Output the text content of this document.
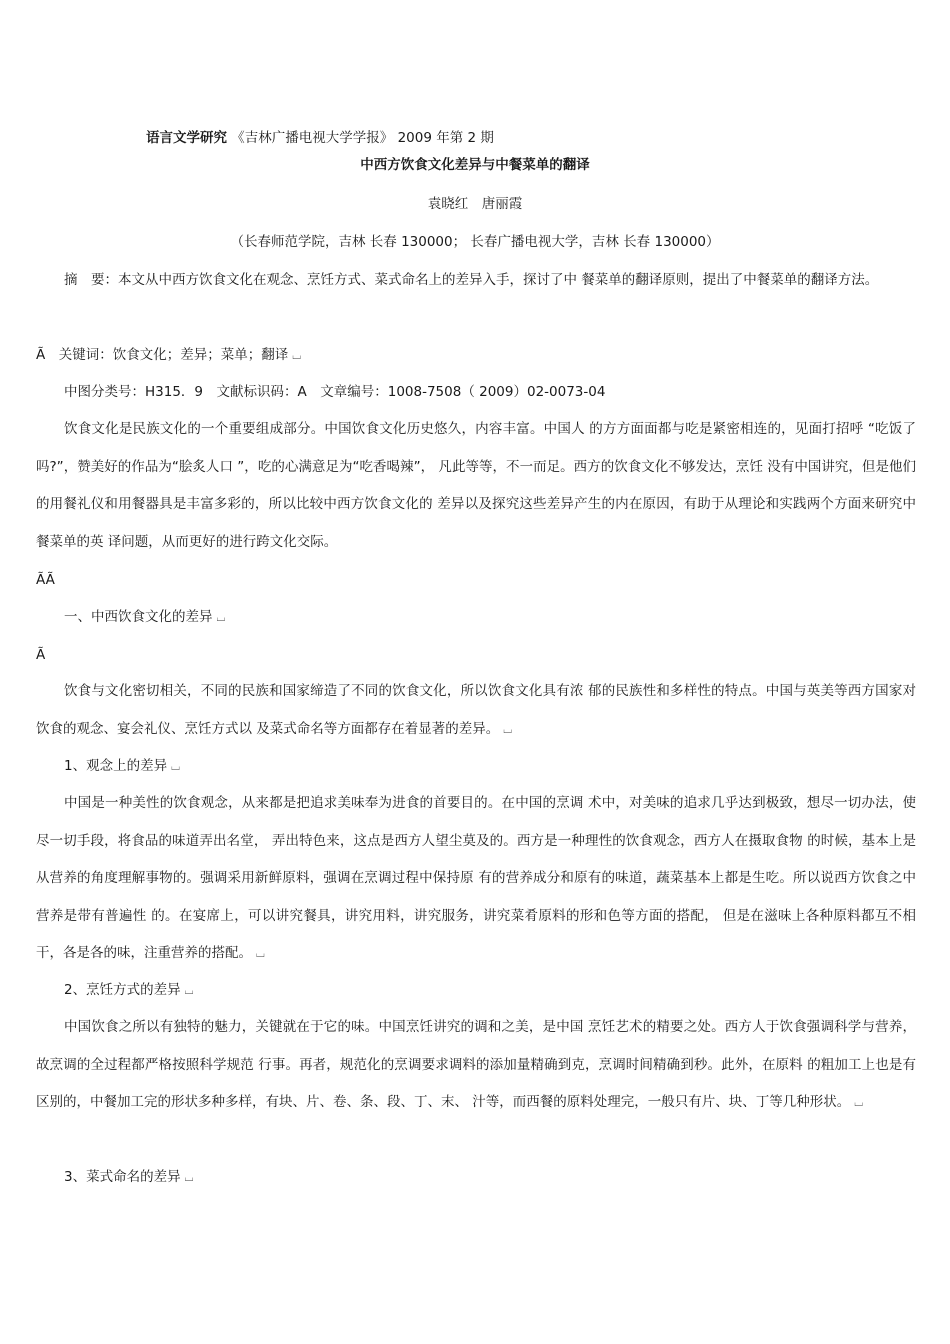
语言文学研究 《吉林广播电视大学学报》 2009 年第 2 期
中西方饮食文化差异与中餐菜单的翻译
袁晓红　唐丽霞
（长春师范学院，吉林 长春 130000； 长春广播电视大学，吉林 长春 130000）
摘　要：本文从中西方饮食文化在观念、烹饪方式、菜式命名上的差异入手，探讨了中 餐菜单的翻译原则，提出了中餐菜单的翻译方法。
Ã　关键词：饮食文化；差异；菜单；翻译 ⌴
中图分类号：H315．9　文献标识码：A　文章编号：1008-7508（ 2009）02-0073-04
饮食文化是民族文化的一个重要组成部分。中国饮食文化历史悠久，内容丰富。中国人 的方方面面都与吃是紧密相连的，见面打招呼 “吃饭了吗?”，赞美好的作品为“脍炙人口 ”，吃的心满意足为“吃香喝辣”， 凡此等等，不一而足。西方的饮食文化不够发达，烹饪 没有中国讲究，但是他们的用餐礼仪和用餐器具是丰富多彩的，所以比较中西方饮食文化的 差异以及探究这些差异产生的内在原因，有助于从理论和实践两个方面来研究中餐菜单的英 译问题，从而更好的进行跨文化交际。
ÃÃ
一、中西饮食文化的差异 ⌴
Ã
饮食与文化密切相关，不同的民族和国家缔造了不同的饮食文化，所以饮食文化具有浓 郁的民族性和多样性的特点。中国与英美等西方国家对饮食的观念、宴会礼仪、烹饪方式以 及菜式命名等方面都存在着显著的差异。 ⌴
1、观念上的差异 ⌴
中国是一种美性的饮食观念，从来都是把追求美味奉为进食的首要目的。在中国的烹调 术中，对美味的追求几乎达到极致，想尽一切办法，使尽一切手段，将食品的味道弄出名堂， 弄出特色来，这点是西方人望尘莫及的。西方是一种理性的饮食观念，西方人在摄取食物 的时候，基本上是从营养的角度理解事物的。强调采用新鲜原料，强调在烹调过程中保持原 有的营养成分和原有的味道，蔬菜基本上都是生吃。所以说西方饮食之中营养是带有普遍性 的。在宴席上，可以讲究餐具，讲究用料，讲究服务，讲究菜肴原料的形和色等方面的搭配， 但是在滋味上各种原料都互不相干，各是各的味，注重营养的搭配。 ⌴
2、烹饪方式的差异 ⌴
中国饮食之所以有独特的魅力，关键就在于它的味。中国烹饪讲究的调和之美，是中国 烹饪艺术的精要之处。西方人于饮食强调科学与营养，故烹调的全过程都严格按照科学规范 行事。再者，规范化的烹调要求调料的添加量精确到克，烹调时间精确到秒。此外，在原料 的粗加工上也是有区别的，中餐加工完的形状多种多样，有块、片、卷、条、段、丁、末、 汁等，而西餐的原料处理完，一般只有片、块、丁等几种形状。 ⌴
3、菜式命名的差异 ⌴
